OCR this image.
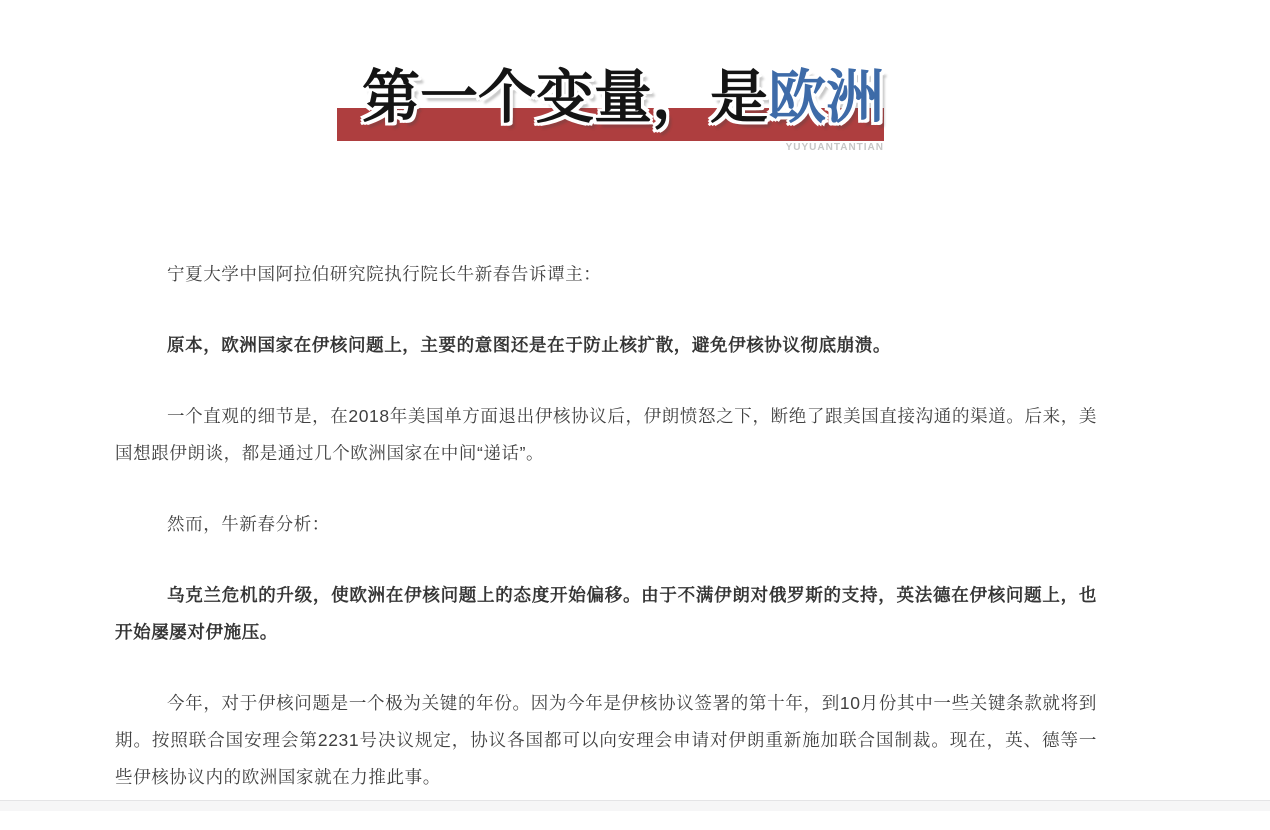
第一个变量，是欧洲
YUYUANTANTIAN

宁夏大学中国阿拉伯研究院执行院长牛新春告诉谭主：

原本，欧洲国家在伊核问题上，主要的意图还是在于防止核扩散，避免伊核协议彻底崩溃。

一个直观的细节是，在2018年美国单方面退出伊核协议后，伊朗愤怒之下，断绝了跟美国直接沟通的渠道。后来，美国想跟伊朗谈，都是通过几个欧洲国家在中间“递话”。

然而，牛新春分析：

乌克兰危机的升级，使欧洲在伊核问题上的态度开始偏移。由于不满伊朗对俄罗斯的支持，英法德在伊核问题上，也开始屡屡对伊施压。

今年，对于伊核问题是一个极为关键的年份。因为今年是伊核协议签署的第十年，到10月份其中一些关键条款就将到期。按照联合国安理会第2231号决议规定，协议各国都可以向安理会申请对伊朗重新施加联合国制裁。现在，英、德等一些伊核协议内的欧洲国家就在力推此事。
